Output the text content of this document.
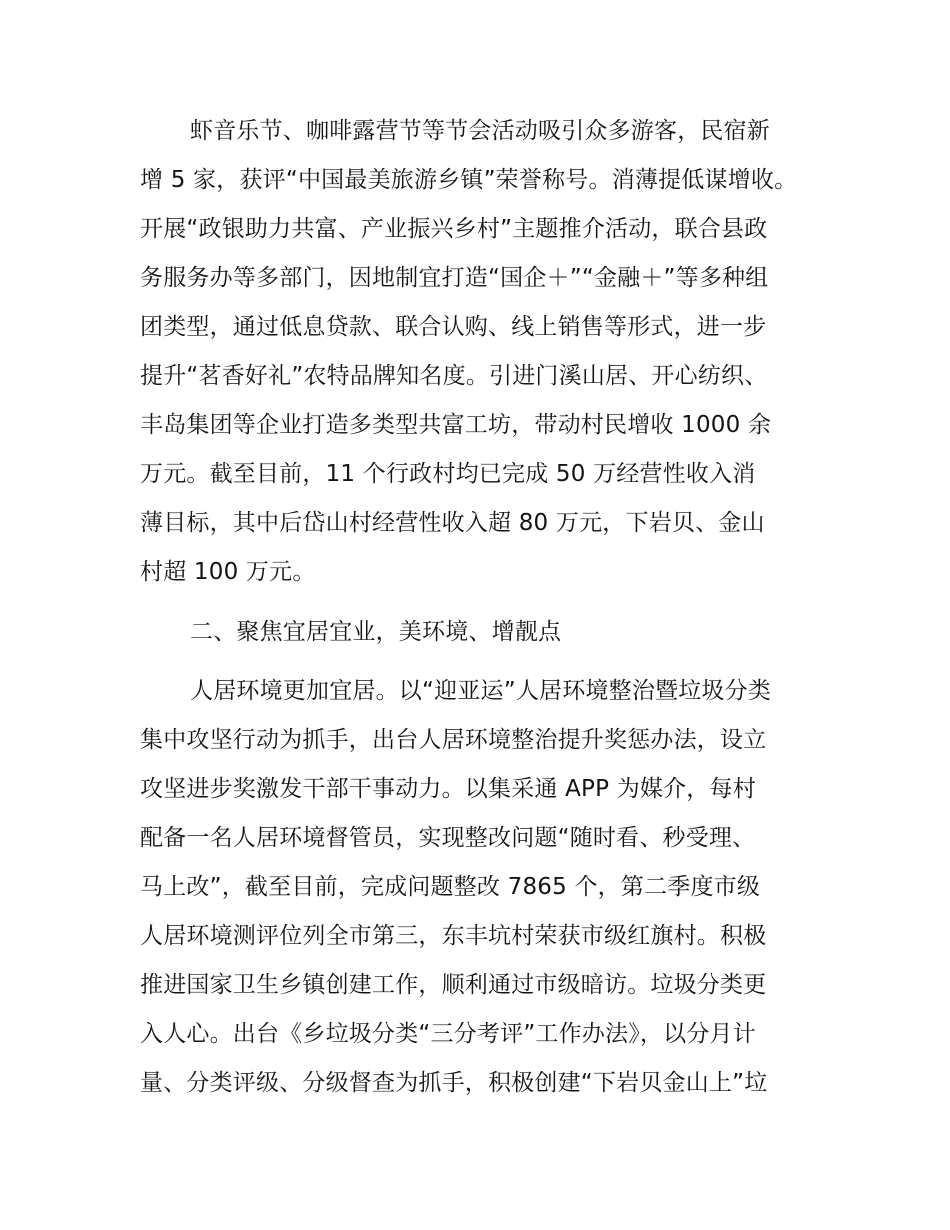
虾音乐节、咖啡露营节等节会活动吸引众多游客，民宿新
增 5 家，获评“中国最美旅游乡镇”荣誉称号。消薄提低谋增收。
开展“政银助力共富、产业振兴乡村”主题推介活动，联合县政
务服务办等多部门，因地制宜打造“国企＋”“金融＋”等多种组
团类型，通过低息贷款、联合认购、线上销售等形式，进一步
提升“茗香好礼”农特品牌知名度。引进门溪山居、开心纺织、
丰岛集团等企业打造多类型共富工坊，带动村民增收 1000 余
万元。截至目前，11 个行政村均已完成 50 万经营性收入消
薄目标，其中后岱山村经营性收入超 80 万元，下岩贝、金山
村超 100 万元。
二、聚焦宜居宜业，美环境、增靓点
人居环境更加宜居。以“迎亚运”人居环境整治暨垃圾分类
集中攻坚行动为抓手，出台人居环境整治提升奖惩办法，设立
攻坚进步奖激发干部干事动力。以集采通 APP 为媒介，每村
配备一名人居环境督管员，实现整改问题“随时看、秒受理、
马上改”，截至目前，完成问题整改 7865 个，第二季度市级
人居环境测评位列全市第三，东丰坑村荣获市级红旗村。积极
推进国家卫生乡镇创建工作，顺利通过市级暗访。垃圾分类更
入人心。出台《乡垃圾分类“三分考评”工作办法》，以分月计
量、分类评级、分级督查为抓手，积极创建“下岩贝金山上”垃
